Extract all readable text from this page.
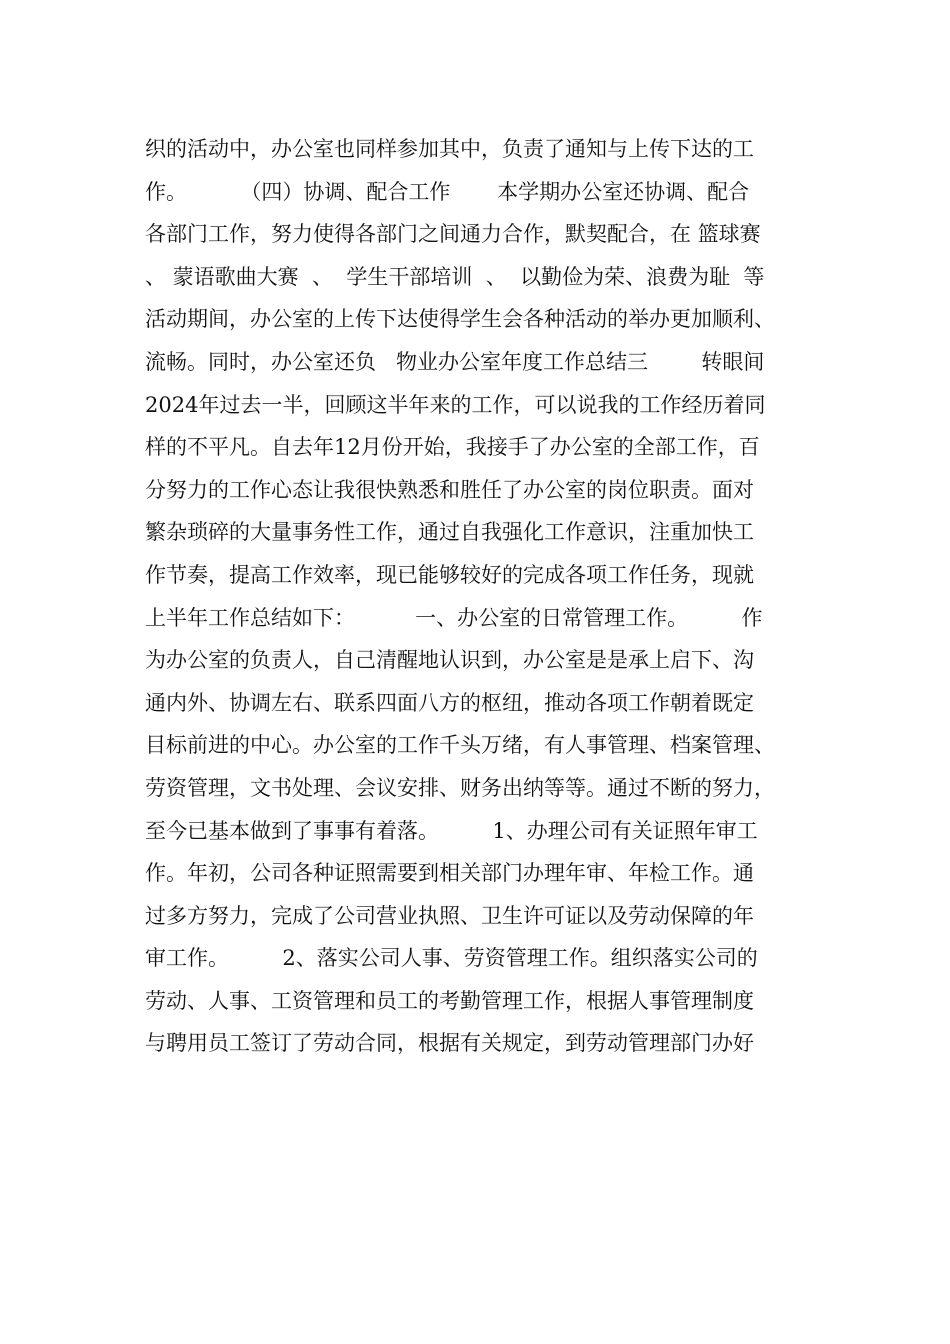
织的活动中，办公室也同样参加其中，负责了通知与上传下达的工
作。        （四）协调、配合工作       本学期办公室还协调、配合
各部门工作，努力使得各部门之间通力合作，默契配合，在 篮球赛
、 蒙语歌曲大赛  、  学生干部培训  、  以勤俭为荣、浪费为耻  等
活动期间，办公室的上传下达使得学生会各种活动的举办更加顺利、
流畅。同时，办公室还负   物业办公室年度工作总结三        转眼间
2024年过去一半，回顾这半年来的工作，可以说我的工作经历着同
样的不平凡。自去年12月份开始，我接手了办公室的全部工作，百
分努力的工作心态让我很快熟悉和胜任了办公室的岗位职责。面对
繁杂琐碎的大量事务性工作，通过自我强化工作意识，注重加快工
作节奏，提高工作效率，现已能够较好的完成各项工作任务，现就
上半年工作总结如下：         一、办公室的日常管理工作。        作
为办公室的负责人，自己清醒地认识到，办公室是是承上启下、沟
通内外、协调左右、联系四面八方的枢纽，推动各项工作朝着既定
目标前进的中心。办公室的工作千头万绪，有人事管理、档案管理、
劳资管理，文书处理、会议安排、财务出纳等等。通过不断的努力，
至今已基本做到了事事有着落。        1、办理公司有关证照年审工
作。年初，公司各种证照需要到相关部门办理年审、年检工作。通
过多方努力，完成了公司营业执照、卫生许可证以及劳动保障的年
审工作。        2、落实公司人事、劳资管理工作。组织落实公司的
劳动、人事、工资管理和员工的考勤管理工作，根据人事管理制度
与聘用员工签订了劳动合同，根据有关规定，到劳动管理部门办好
